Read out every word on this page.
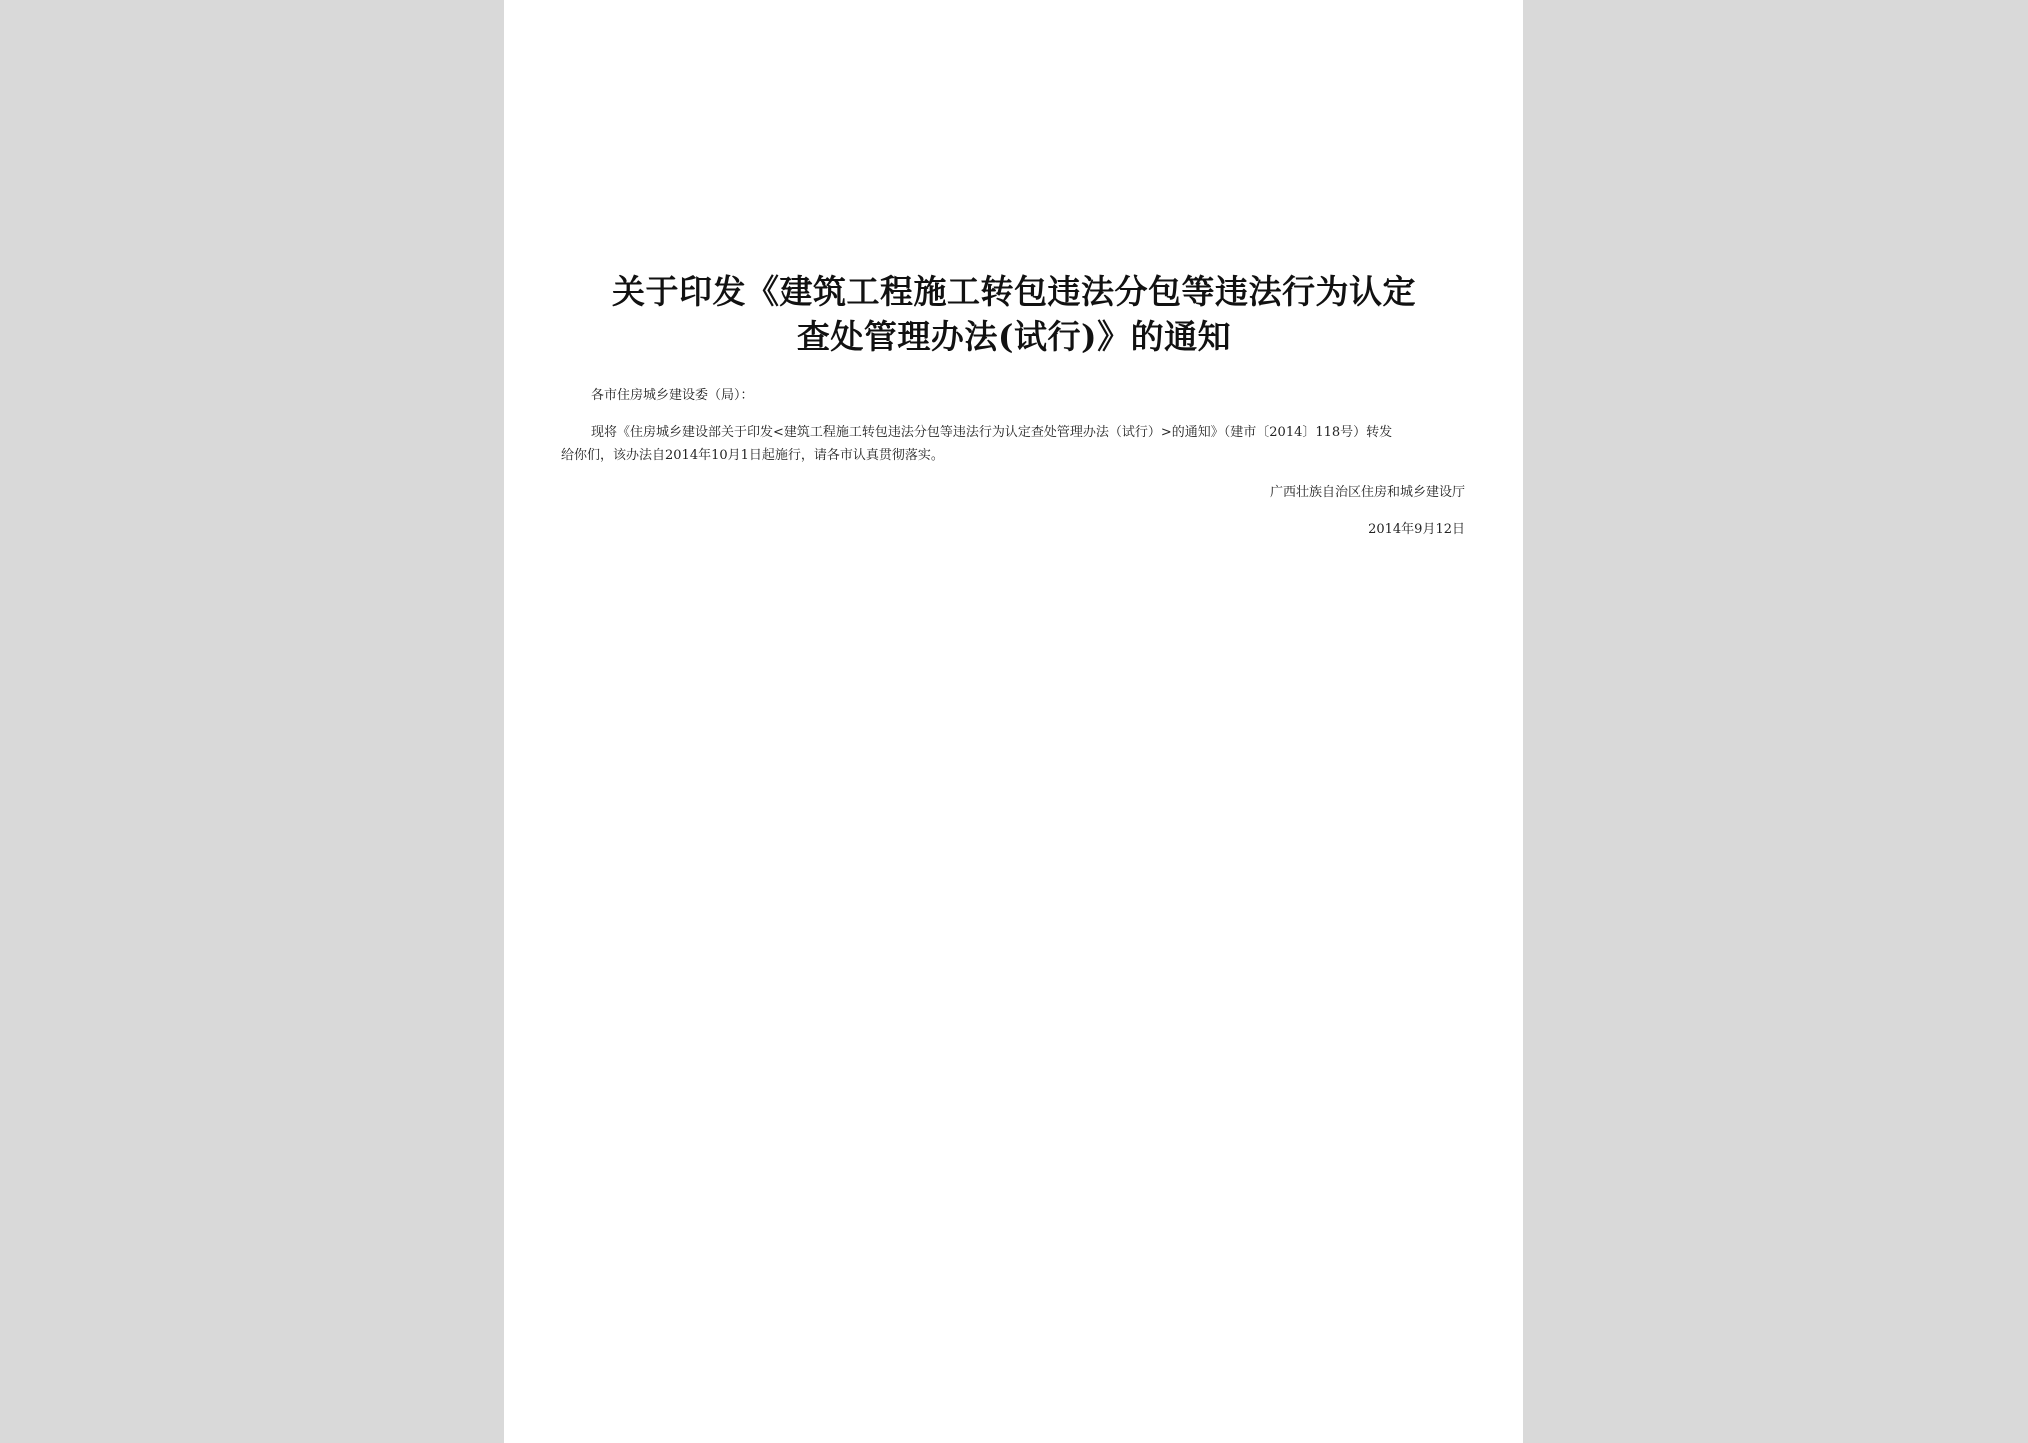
关于印发《建筑工程施工转包违法分包等违法行为认定
查处管理办法(试行)》的通知

各市住房城乡建设委（局）：

现将《住房城乡建设部关于印发<建筑工程施工转包违法分包等违法行为认定查处管理办法（试行）>的通知》（建市〔2014〕118号）转发

给你们，该办法自2014年10月1日起施行，请各市认真贯彻落实。

广西壮族自治区住房和城乡建设厅

2014年9月12日
